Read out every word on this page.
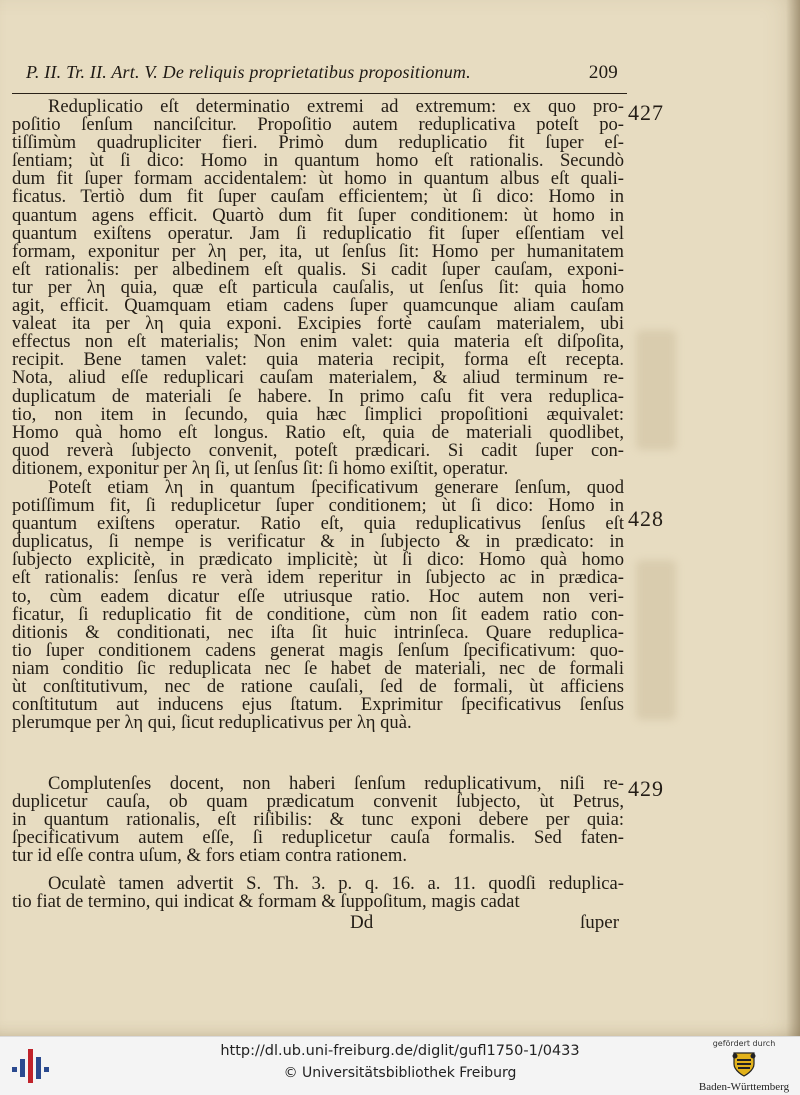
P. II. Tr. II. Art. V. De reliquis proprietatibus propositionum.	209
Reduplicatio eſt determinatio extremi ad extremum: ex quo pro-
poſitio ſenſum nanciſcitur. Propoſitio autem reduplicativa poteſt po-
tiſſimùm quadrupliciter fieri. Primò dum reduplicatio fit ſuper eſ-
ſentiam; ùt ſi dico: Homo in quantum homo eſt rationalis. Secundò
dum fit ſuper formam accidentalem: ùt homo in quantum albus eſt quali-
ficatus. Tertiò dum fit ſuper cauſam efficientem; ùt ſi dico: Homo in
quantum agens efficit. Quartò dum fit ſuper conditionem: ùt homo in
quantum exiſtens operatur. Jam ſi reduplicatio fit ſuper eſſentiam vel
formam, exponitur per λη per, ita, ut ſenſus ſit: Homo per humanitatem
eſt rationalis: per albedinem eſt qualis. Si cadit ſuper cauſam, exponi-
tur per λη quia, quæ eſt particula cauſalis, ut ſenſus ſit: quia homo
agit, efficit. Quamquam etiam cadens ſuper quamcunque aliam cauſam
valeat ita per λη quia exponi. Excipies fortè cauſam materialem, ubi
effectus non eſt materialis; Non enim valet: quia materia eſt diſpoſita,
recipit. Bene tamen valet: quia materia recipit, forma eſt recepta.
Nota, aliud eſſe reduplicari cauſam materialem, & aliud terminum re-
duplicatum de materiali ſe habere. In primo caſu fit vera reduplica-
tio, non item in ſecundo, quia hæc ſimplici propoſitioni æquivalet:
Homo quà homo eſt longus. Ratio eſt, quia de materiali quodlibet,
quod reverà ſubjecto convenit, poteſt prædicari. Si cadit ſuper con-
ditionem, exponitur per λη ſi, ut ſenſus ſit: ſi homo exiſtit, operatur.
Poteſt etiam λη in quantum ſpecificativum generare ſenſum, quod
potiſſimum fit, ſi reduplicetur ſuper conditionem; ùt ſi dico: Homo in
quantum exiſtens operatur. Ratio eſt, quia reduplicativus ſenſus eſt
duplicatus, ſi nempe is verificatur & in ſubjecto & in prædicato: in
ſubjecto explicitè, in prædicato implicitè; ùt ſi dico: Homo quà homo
eſt rationalis: ſenſus re verà idem reperitur in ſubjecto ac in prædica-
to, cùm eadem dicatur eſſe utriusque ratio. Hoc autem non veri-
ficatur, ſi reduplicatio fit de conditione, cùm non ſit eadem ratio con-
ditionis & conditionati, nec iſta ſit huic intrinſeca. Quare reduplica-
tio ſuper conditionem cadens generat magis ſenſum ſpecificativum: quo-
niam conditio ſic reduplicata nec ſe habet de materiali, nec de formali
ùt conſtitutivum, nec de ratione cauſali, ſed de formali, ùt afficiens
conſtitutum aut inducens ejus ſtatum. Exprimitur ſpecificativus ſenſus
plerumque per λη qui, ſicut reduplicativus per λη quà.
Complutenſes docent, non haberi ſenſum reduplicativum, niſi re-
duplicetur cauſa, ob quam prædicatum convenit ſubjecto, ùt Petrus,
in quantum rationalis, eſt riſibilis: & tunc exponi debere per quia:
ſpecificativum autem eſſe, ſi reduplicetur cauſa formalis. Sed faten-
tur id eſſe contra uſum, & fors etiam contra rationem.
Oculatè tamen advertit S. Th. 3. p. q. 16. a. 11. quodſi reduplica-
tio fiat de termino, qui indicat & formam & ſuppoſitum, magis cadat
427
428
429
Dd	ſuper
http://dl.ub.uni-freiburg.de/diglit/gufl1750-1/0433
© Universitätsbibliothek Freiburg
gefördert durch
Baden-Württemberg
